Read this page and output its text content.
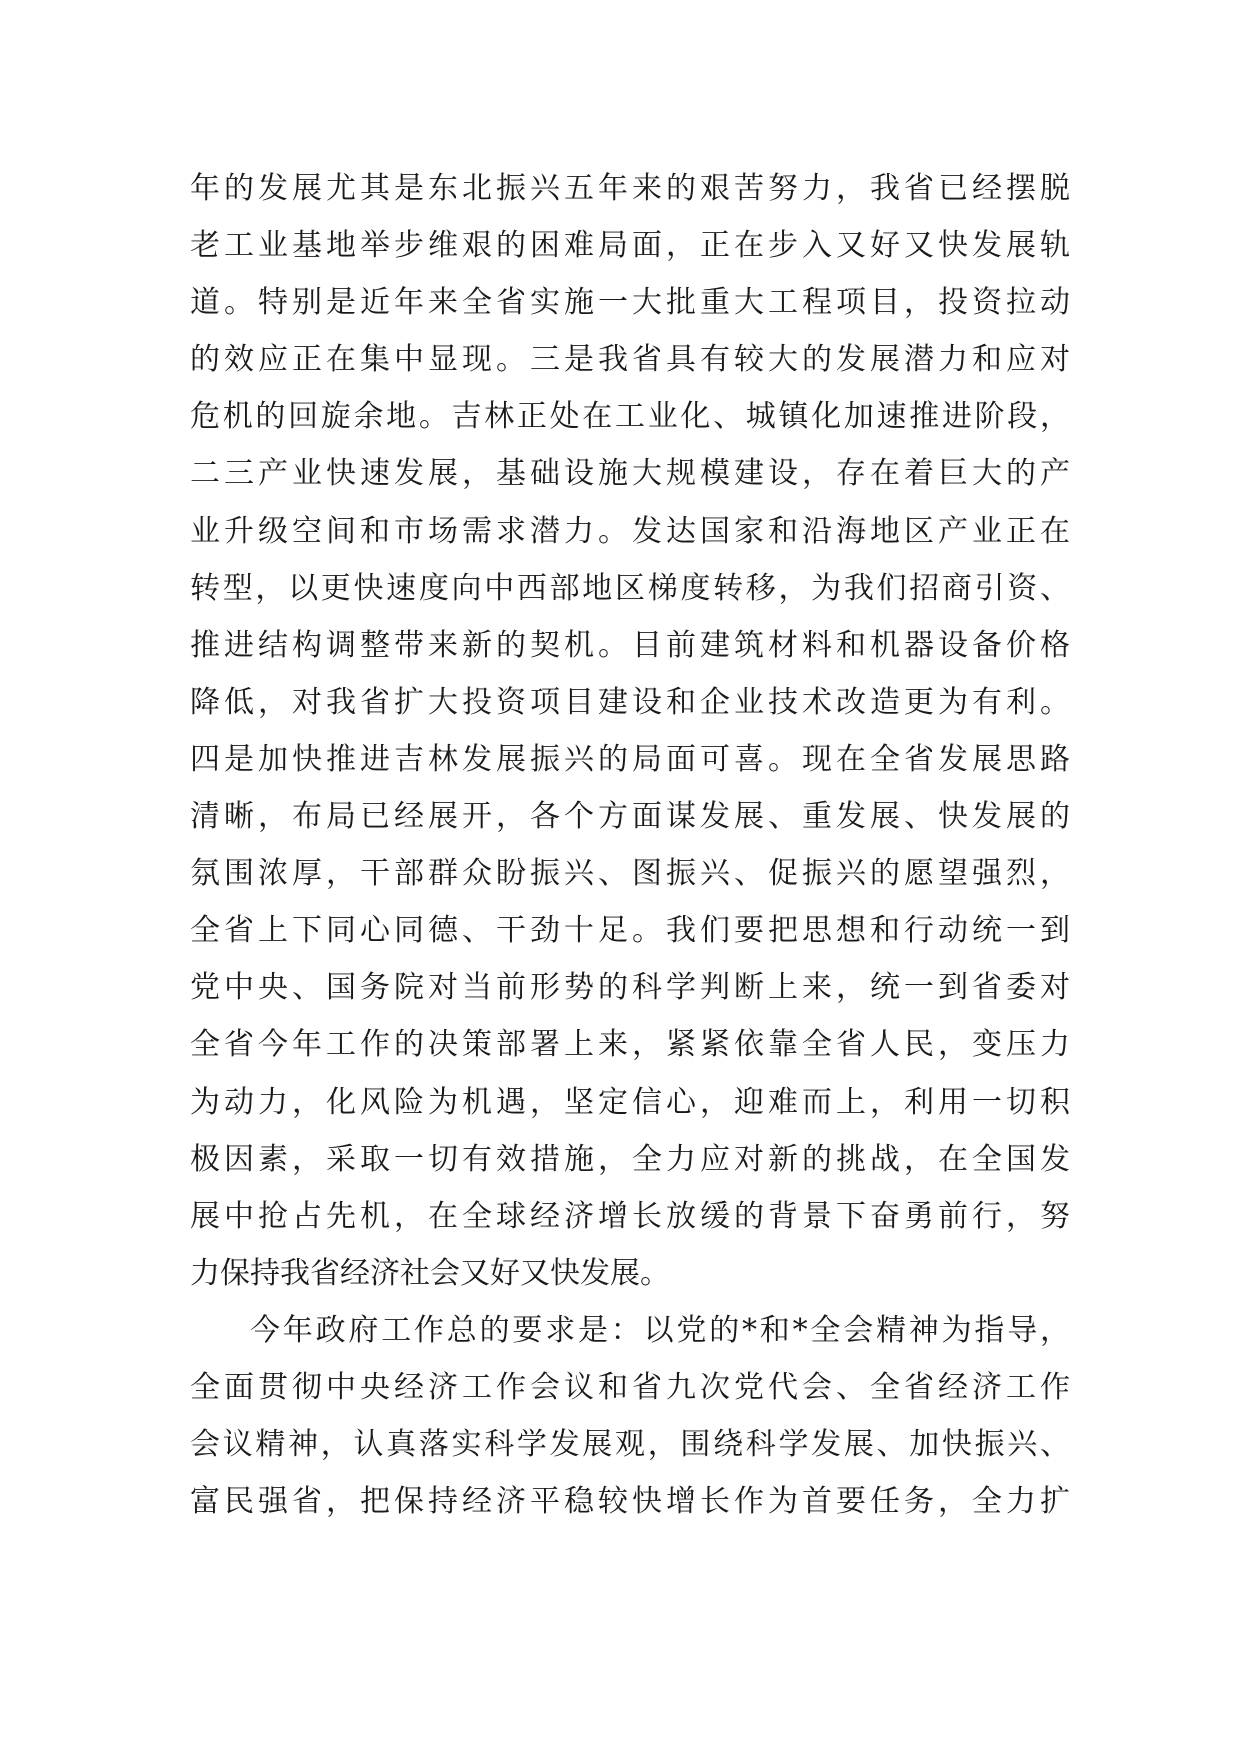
年的发展尤其是东北振兴五年来的艰苦努力，我省已经摆脱
老工业基地举步维艰的困难局面，正在步入又好又快发展轨
道。特别是近年来全省实施一大批重大工程项目，投资拉动
的效应正在集中显现。三是我省具有较大的发展潜力和应对
危机的回旋余地。吉林正处在工业化、城镇化加速推进阶段，
二三产业快速发展，基础设施大规模建设，存在着巨大的产
业升级空间和市场需求潜力。发达国家和沿海地区产业正在
转型，以更快速度向中西部地区梯度转移，为我们招商引资、
推进结构调整带来新的契机。目前建筑材料和机器设备价格
降低，对我省扩大投资项目建设和企业技术改造更为有利。
四是加快推进吉林发展振兴的局面可喜。现在全省发展思路
清晰，布局已经展开，各个方面谋发展、重发展、快发展的
氛围浓厚，干部群众盼振兴、图振兴、促振兴的愿望强烈，
全省上下同心同德、干劲十足。我们要把思想和行动统一到
党中央、国务院对当前形势的科学判断上来，统一到省委对
全省今年工作的决策部署上来，紧紧依靠全省人民，变压力
为动力，化风险为机遇，坚定信心，迎难而上，利用一切积
极因素，采取一切有效措施，全力应对新的挑战，在全国发
展中抢占先机，在全球经济增长放缓的背景下奋勇前行，努
力保持我省经济社会又好又快发展。
今年政府工作总的要求是：以党的*和*全会精神为指导，
全面贯彻中央经济工作会议和省九次党代会、全省经济工作
会议精神，认真落实科学发展观，围绕科学发展、加快振兴、
富民强省，把保持经济平稳较快增长作为首要任务，全力扩
